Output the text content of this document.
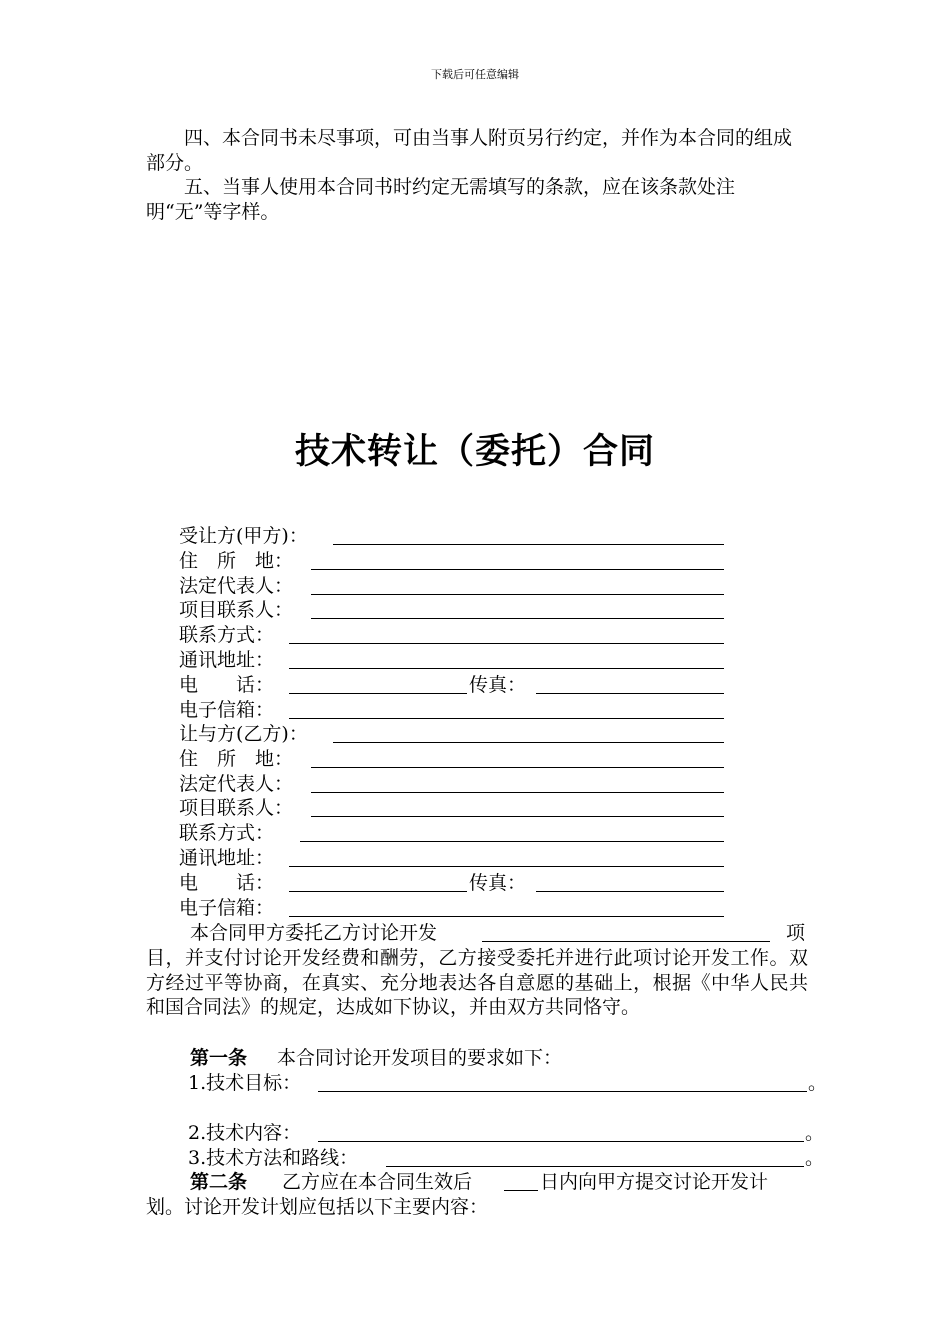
下载后可任意编辑
四、本合同书未尽事项，可由当事人附页另行约定，并作为本合同的组成部分。
五、当事人使用本合同书时约定无需填写的条款，应在该条款处注明“无”等字样。
技术转让（委托）合同
受让方(甲方)：
住　所　地：
法定代表人：
项目联系人：
联系方式：
通讯地址：
电　　话：	传真：
电子信箱：
让与方(乙方)：
住　所　地：
法定代表人：
项目联系人：
联系方式：
通讯地址：
电　　话：	传真：
电子信箱：
本合同甲方委托乙方讨论开发	项
目，并支付讨论开发经费和酬劳，乙方接受委托并进行此项讨论开发工作。双方经过平等协商，在真实、充分地表达各自意愿的基础上，根据《中华人民共和国合同法》的规定，达成如下协议，并由双方共同恪守。
第一条 本合同讨论开发项目的要求如下：
1.技术目标：	。
2.技术内容：	。
3.技术方法和路线：	。
第二条 乙方应在本合同生效后	日内向甲方提交讨论开发计
划。讨论开发计划应包括以下主要内容：
